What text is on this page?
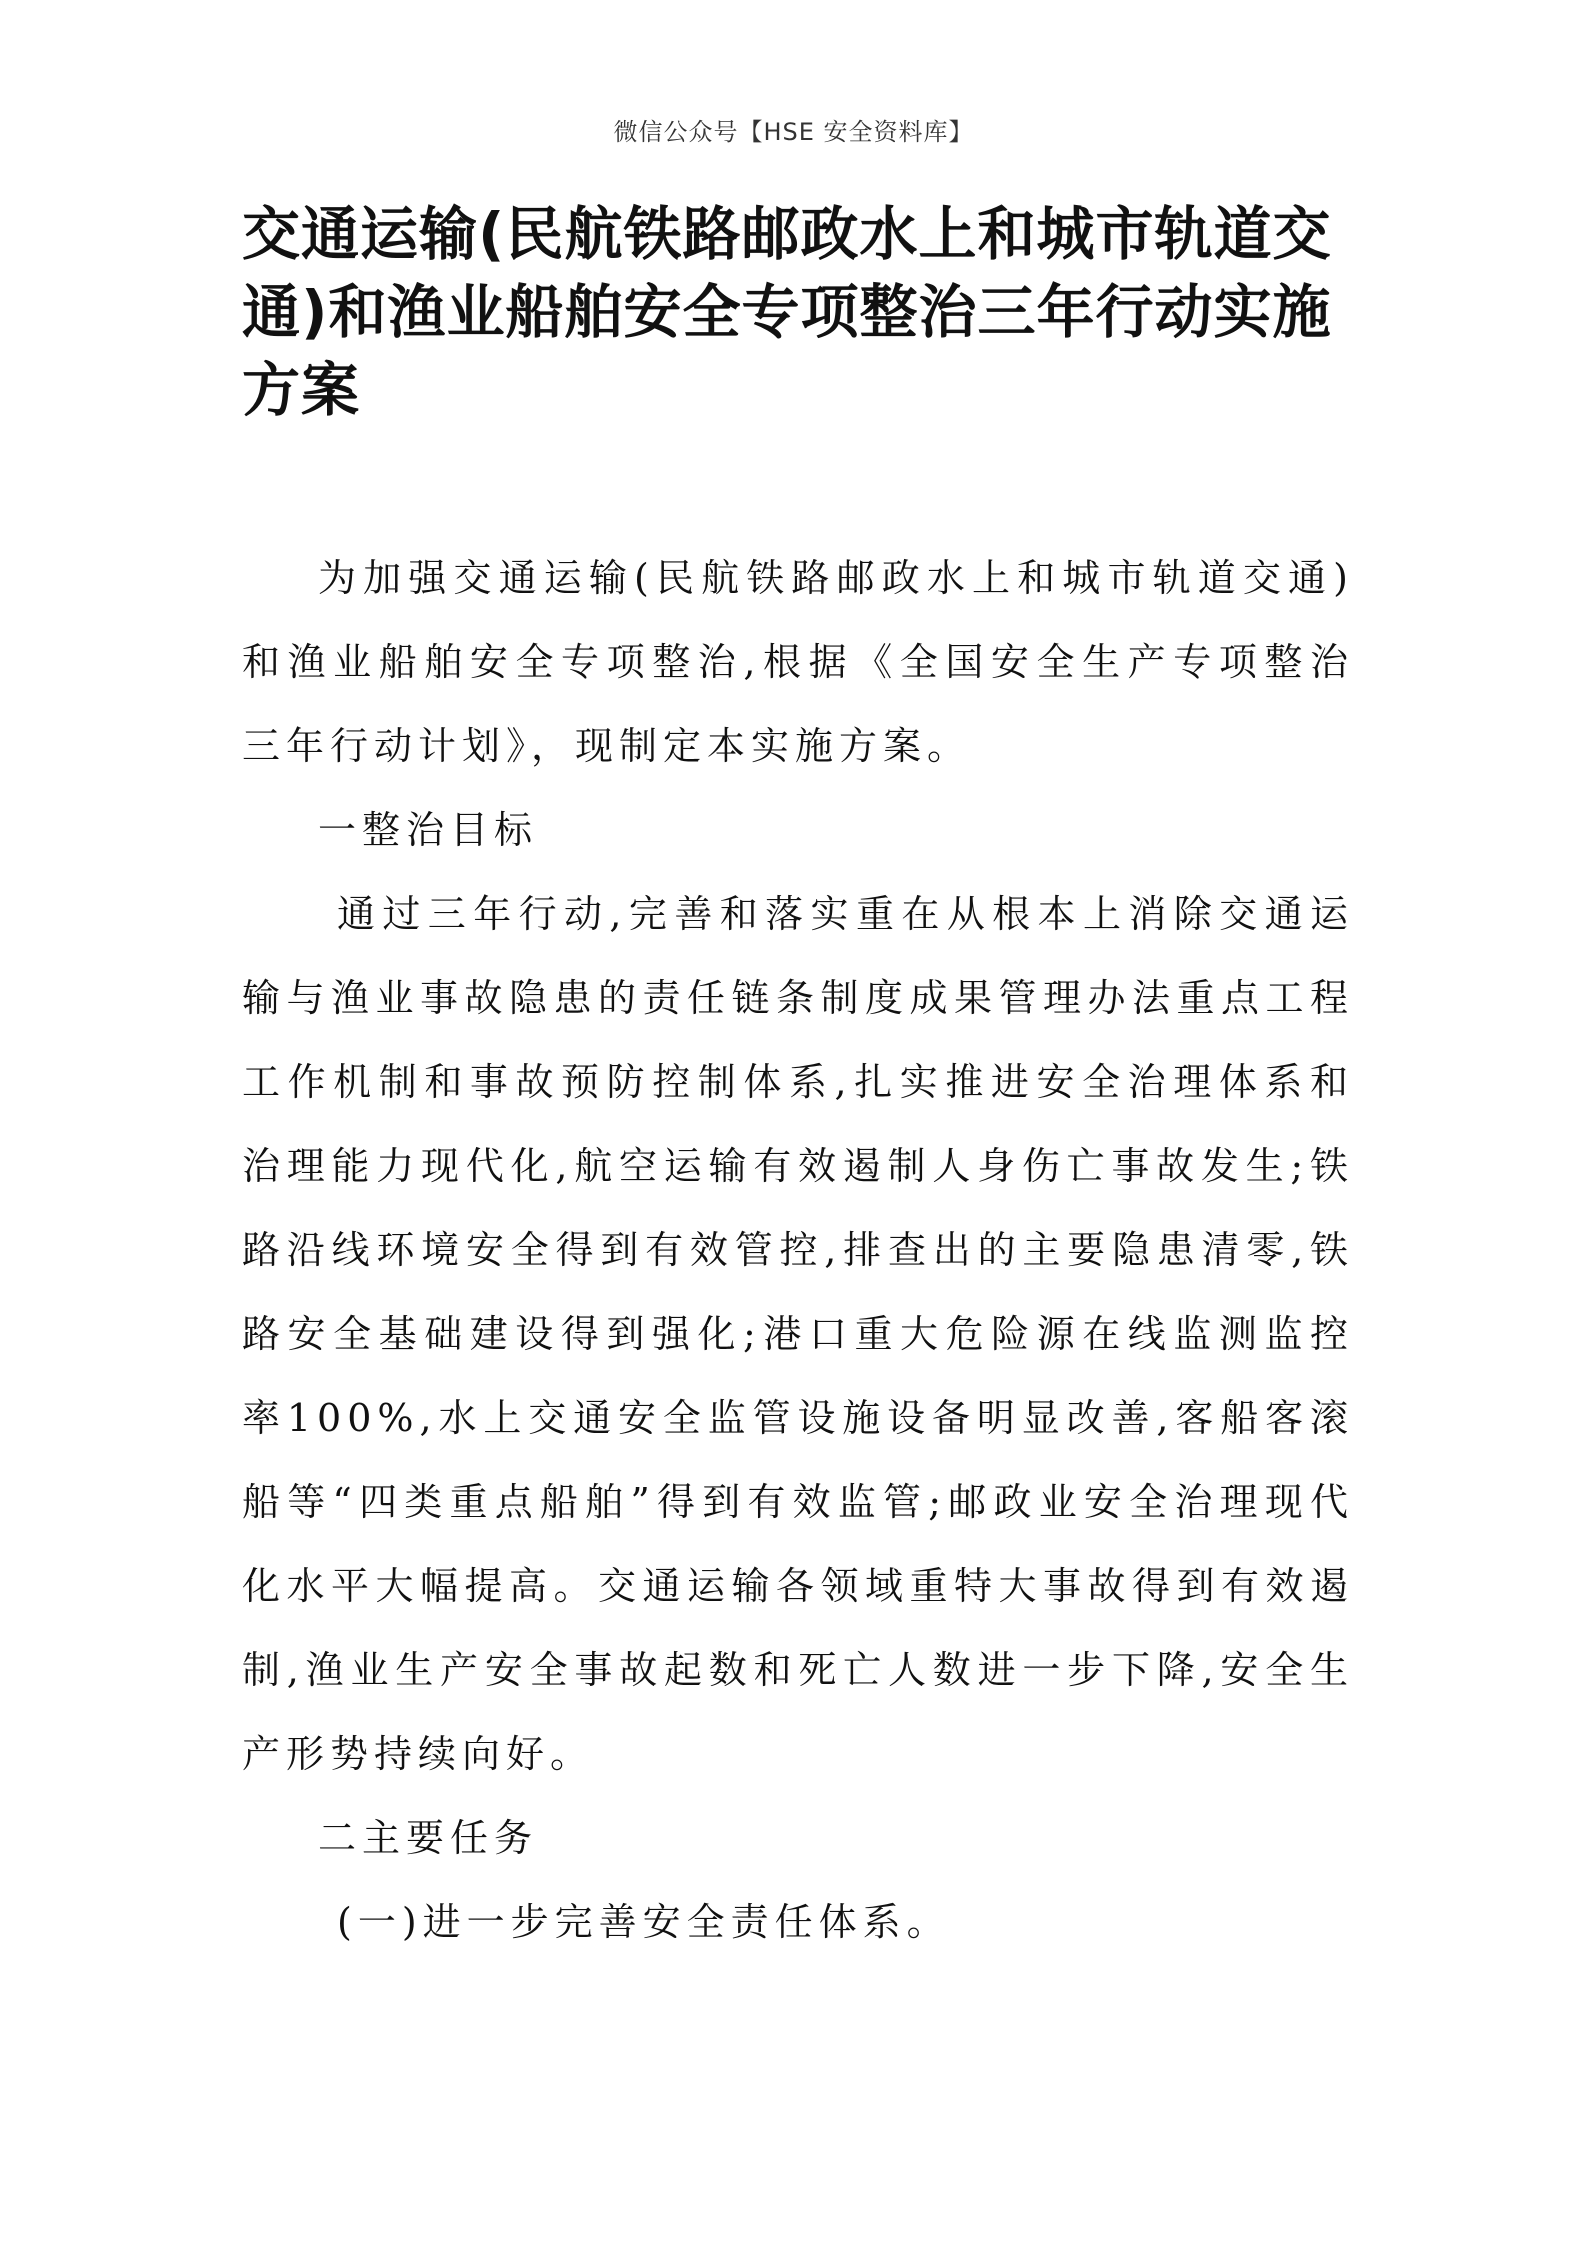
微信公众号【HSE 安全资料库】
交通运输(民航铁路邮政水上和城市轨道交通)和渔业船舶安全专项整治三年行动实施方案

为加强交通运输(民航铁路邮政水上和城市轨道交通)和渔业船舶安全专项整治,根据《全国安全生产专项整治三年行动计划》，现制定本实施方案。

一整治目标

通过三年行动,完善和落实重在从根本上消除交通运输与渔业事故隐患的责任链条制度成果管理办法重点工程工作机制和事故预防控制体系,扎实推进安全治理体系和治理能力现代化,航空运输有效遏制人身伤亡事故发生;铁路沿线环境安全得到有效管控,排查出的主要隐患清零,铁路安全基础建设得到强化;港口重大危险源在线监测监控率100%,水上交通安全监管设施设备明显改善,客船客滚船等“四类重点船舶”得到有效监管;邮政业安全治理现代化水平大幅提高。交通运输各领域重特大事故得到有效遏制,渔业生产安全事故起数和死亡人数进一步下降,安全生产形势持续向好。

二主要任务

(一)进一步完善安全责任体系。
